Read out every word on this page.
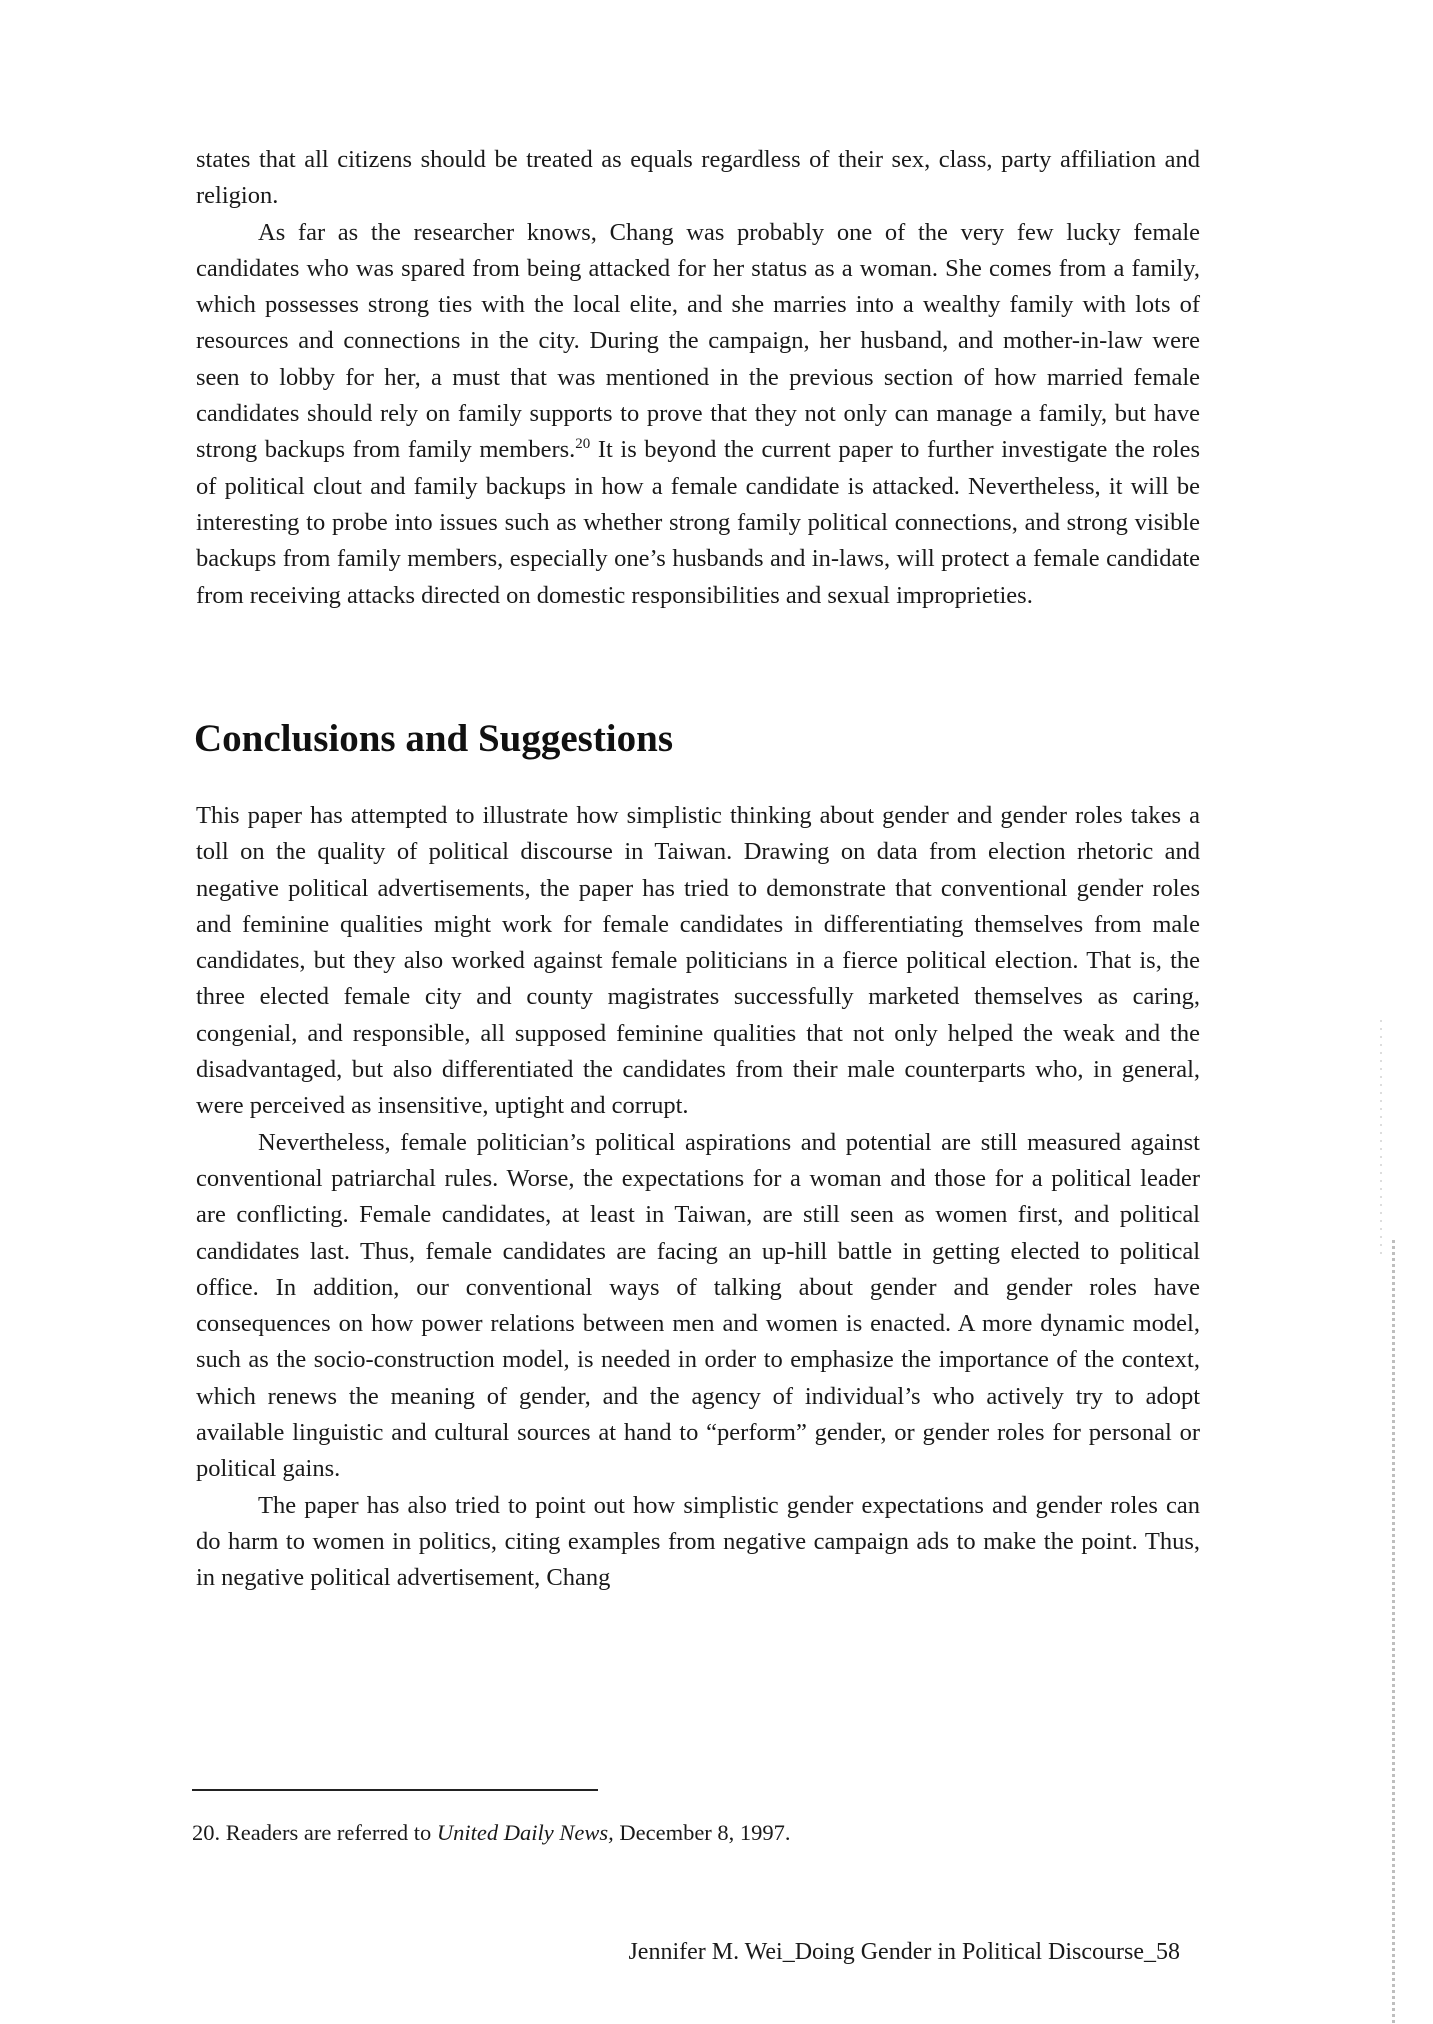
states that all citizens should be treated as equals regardless of their sex, class, party affiliation and religion.

As far as the researcher knows, Chang was probably one of the very few lucky female candidates who was spared from being attacked for her status as a woman. She comes from a family, which possesses strong ties with the local elite, and she marries into a wealthy family with lots of resources and connections in the city. During the campaign, her husband, and mother-in-law were seen to lobby for her, a must that was mentioned in the previous section of how married female candidates should rely on family supports to prove that they not only can manage a family, but have strong backups from family members.$^{20}$ It is beyond the current paper to further investigate the roles of political clout and family backups in how a female candidate is attacked. Nevertheless, it will be interesting to probe into issues such as whether strong family political connections, and strong visible backups from family members, especially one’s husbands and in-laws, will protect a female candidate from receiving attacks directed on domestic responsibilities and sexual improprieties.

Conclusions and Suggestions

This paper has attempted to illustrate how simplistic thinking about gender and gender roles takes a toll on the quality of political discourse in Taiwan. Drawing on data from election rhetoric and negative political advertisements, the paper has tried to demonstrate that conventional gender roles and feminine qualities might work for female candidates in differentiating themselves from male candidates, but they also worked against female politicians in a fierce political election. That is, the three elected female city and county magistrates successfully marketed themselves as caring, congenial, and responsible, all supposed feminine qualities that not only helped the weak and the disadvantaged, but also differentiated the candidates from their male counterparts who, in general, were perceived as insensitive, uptight and corrupt.

Nevertheless, female politician’s political aspirations and potential are still measured against conventional patriarchal rules. Worse, the expectations for a woman and those for a political leader are conflicting. Female candidates, at least in Taiwan, are still seen as women first, and political candidates last. Thus, female candidates are facing an up-hill battle in getting elected to political office. In addition, our conventional ways of talking about gender and gender roles have consequences on how power relations between men and women is enacted. A more dynamic model, such as the socio-construction model, is needed in order to emphasize the importance of the context, which renews the meaning of gender, and the agency of individual’s who actively try to adopt available linguistic and cultural sources at hand to “perform” gender, or gender roles for personal or political gains.

The paper has also tried to point out how simplistic gender expectations and gender roles can do harm to women in politics, citing examples from negative campaign ads to make the point. Thus, in negative political advertisement, Chang

20. Readers are referred to United Daily News, December 8, 1997.

Jennifer M. Wei_Doing Gender in Political Discourse_58
